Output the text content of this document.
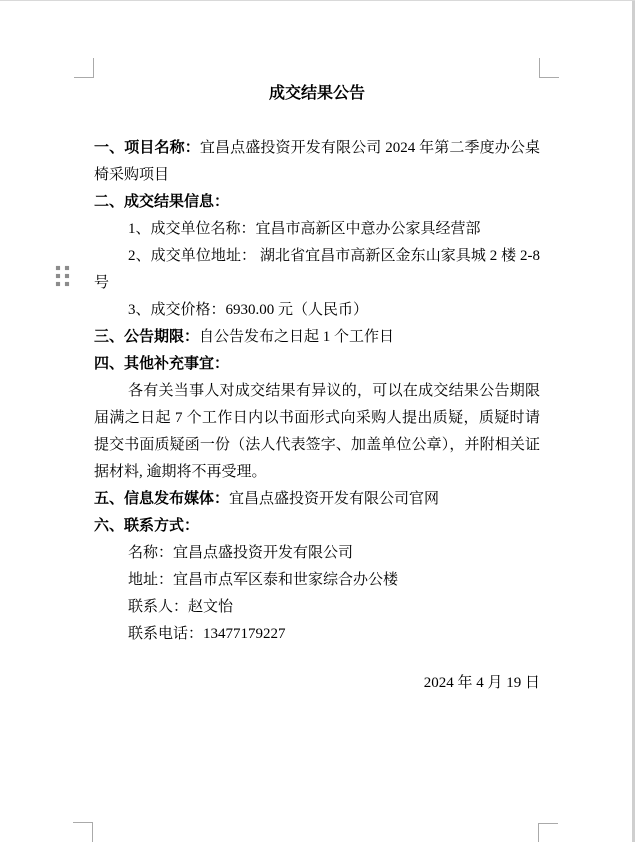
成交结果公告

一、项目名称：宜昌点盛投资开发有限公司 2024 年第二季度办公桌椅采购项目

二、成交结果信息：

1、成交单位名称：宜昌市高新区中意办公家具经营部

2、成交单位地址： 湖北省宜昌市高新区金东山家具城 2 楼 2-8 号

3、成交价格：6930.00 元（人民币）

三、公告期限：自公告发布之日起 1 个工作日

四、其他补充事宜：

各有关当事人对成交结果有异议的，可以在成交结果公告期限届满之日起 7 个工作日内以书面形式向采购人提出质疑，质疑时请提交书面质疑函一份（法人代表签字、加盖单位公章），并附相关证据材料, 逾期将不再受理。

五、信息发布媒体：宜昌点盛投资开发有限公司官网

六、联系方式：

名称：宜昌点盛投资开发有限公司

地址：宜昌市点军区泰和世家综合办公楼

联系人：赵文怡

联系电话：13477179227

2024 年 4 月 19 日
